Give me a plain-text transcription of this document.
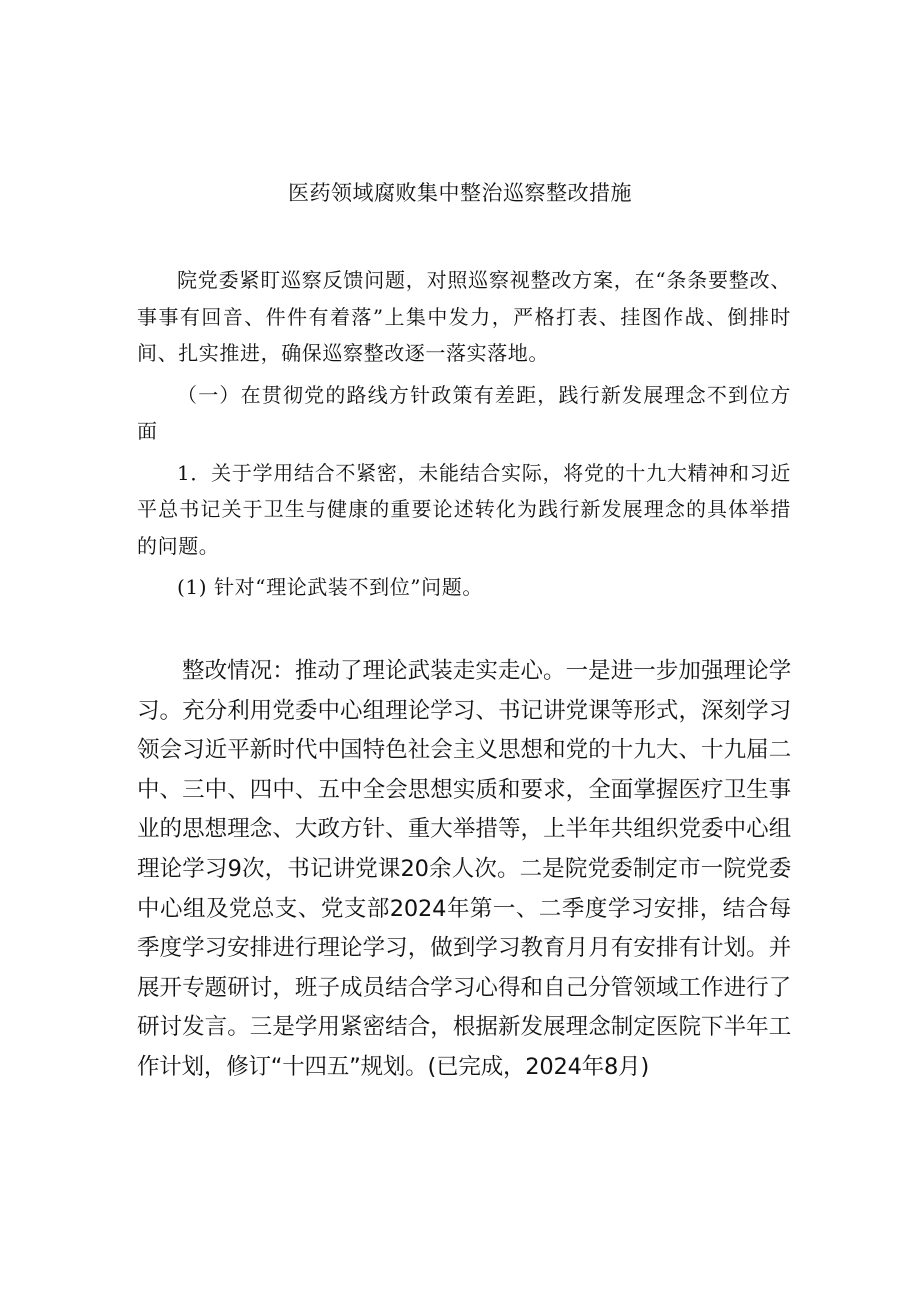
医药领域腐败集中整治巡察整改措施

院党委紧盯巡察反馈问题，对照巡察视整改方案，在“条条要整改、事事有回音、件件有着落”上集中发力，严格打表、挂图作战、倒排时间、扎实推进，确保巡察整改逐一落实落地。

（一）在贯彻党的路线方针政策有差距，践行新发展理念不到位方面

1．关于学用结合不紧密，未能结合实际，将党的十九大精神和习近平总书记关于卫生与健康的重要论述转化为践行新发展理念的具体举措的问题。

(1) 针对“理论武装不到位”问题。

整改情况：推动了理论武装走实走心。一是进一步加强理论学习。充分利用党委中心组理论学习、书记讲党课等形式，深刻学习领会习近平新时代中国特色社会主义思想和党的十九大、十九届二中、三中、四中、五中全会思想实质和要求，全面掌握医疗卫生事业的思想理念、大政方针、重大举措等，上半年共组织党委中心组理论学习9次，书记讲党课20余人次。二是院党委制定市一院党委中心组及党总支、党支部2024年第一、二季度学习安排，结合每季度学习安排进行理论学习，做到学习教育月月有安排有计划。并展开专题研讨，班子成员结合学习心得和自己分管领域工作进行了研讨发言。三是学用紧密结合，根据新发展理念制定医院下半年工作计划，修订“十四五”规划。(已完成，2024年8月)
